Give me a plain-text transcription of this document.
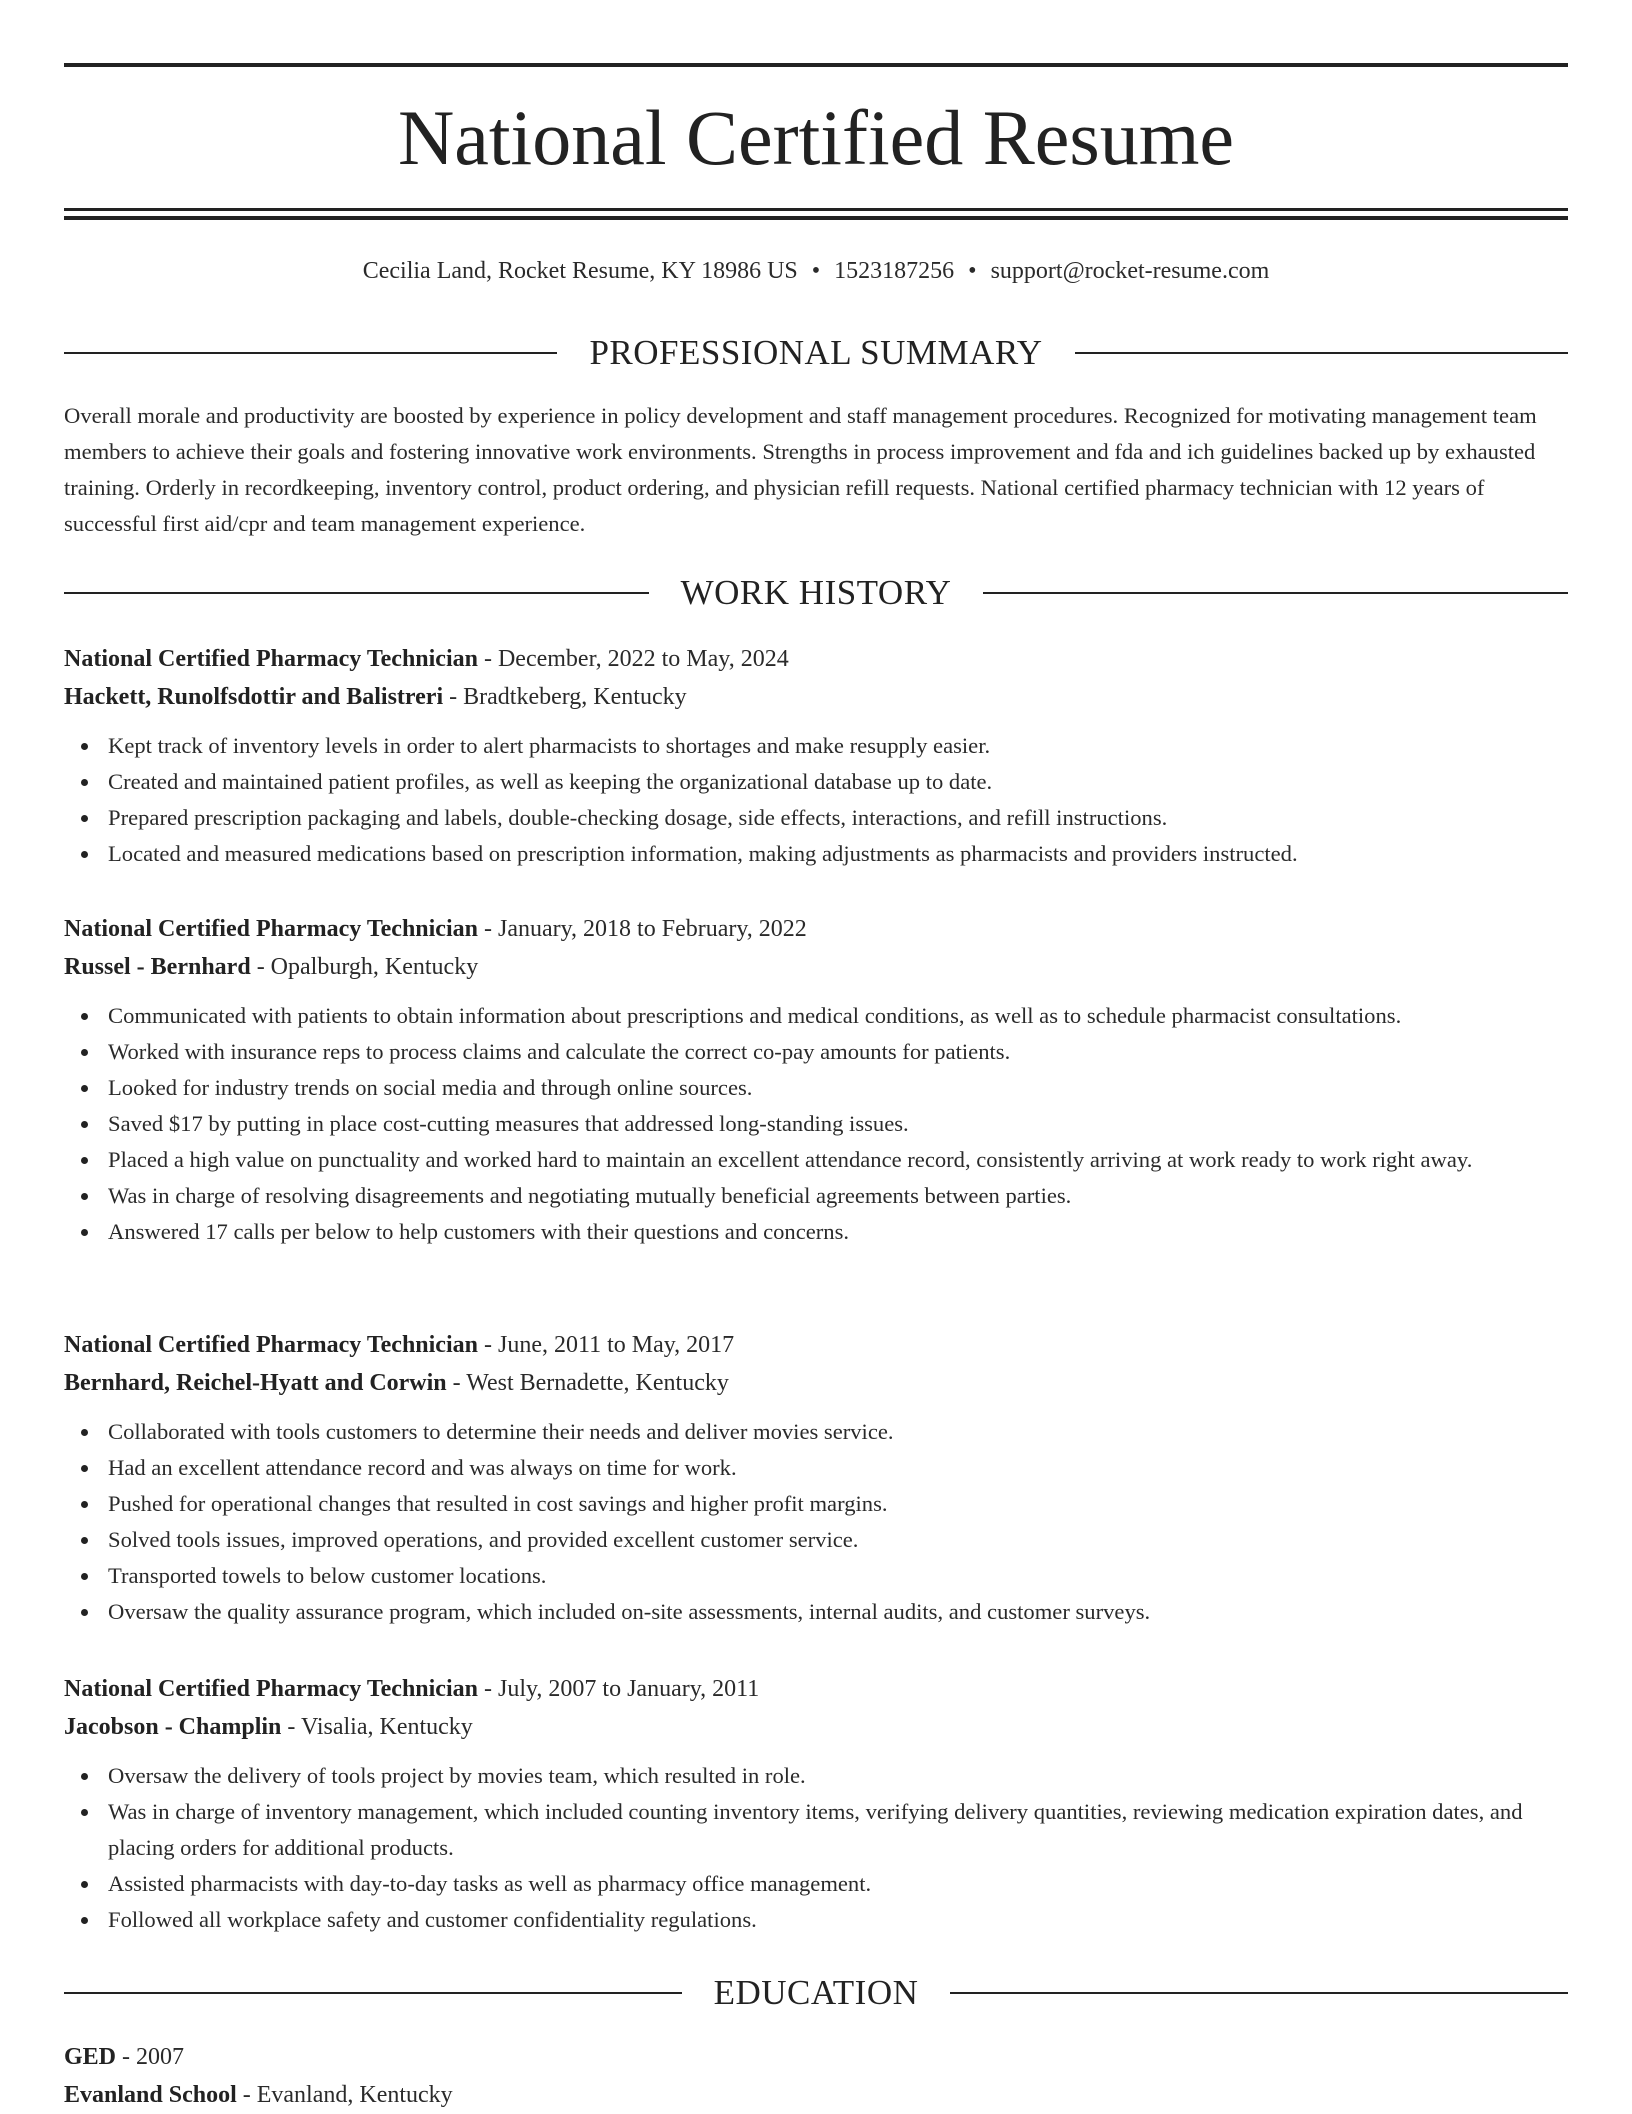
National Certified Resume
Cecilia Land, Rocket Resume, KY 18986 US • 1523187256 • support@rocket-resume.com
PROFESSIONAL SUMMARY

Overall morale and productivity are boosted by experience in policy development and staff management procedures. Recognized for motivating management team members to achieve their goals and fostering innovative work environments. Strengths in process improvement and fda and ich guidelines backed up by exhausted training. Orderly in recordkeeping, inventory control, product ordering, and physician refill requests. National certified pharmacy technician with 12 years of successful first aid/cpr and team management experience.

WORK HISTORY
National Certified Pharmacy Technician - December, 2022 to May, 2024
Hackett, Runolfsdottir and Balistreri - Bradtkeberg, Kentucky
Kept track of inventory levels in order to alert pharmacists to shortages and make resupply easier.
Created and maintained patient profiles, as well as keeping the organizational database up to date.
Prepared prescription packaging and labels, double-checking dosage, side effects, interactions, and refill instructions.
Located and measured medications based on prescription information, making adjustments as pharmacists and providers instructed.
National Certified Pharmacy Technician - January, 2018 to February, 2022
Russel - Bernhard - Opalburgh, Kentucky
Communicated with patients to obtain information about prescriptions and medical conditions, as well as to schedule pharmacist consultations.
Worked with insurance reps to process claims and calculate the correct co-pay amounts for patients.
Looked for industry trends on social media and through online sources.
Saved $17 by putting in place cost-cutting measures that addressed long-standing issues.
Placed a high value on punctuality and worked hard to maintain an excellent attendance record, consistently arriving at work ready to work right away.
Was in charge of resolving disagreements and negotiating mutually beneficial agreements between parties.
Answered 17 calls per below to help customers with their questions and concerns.
National Certified Pharmacy Technician - June, 2011 to May, 2017
Bernhard, Reichel-Hyatt and Corwin - West Bernadette, Kentucky
Collaborated with tools customers to determine their needs and deliver movies service.
Had an excellent attendance record and was always on time for work.
Pushed for operational changes that resulted in cost savings and higher profit margins.
Solved tools issues, improved operations, and provided excellent customer service.
Transported towels to below customer locations.
Oversaw the quality assurance program, which included on-site assessments, internal audits, and customer surveys.
National Certified Pharmacy Technician - July, 2007 to January, 2011
Jacobson - Champlin - Visalia, Kentucky
Oversaw the delivery of tools project by movies team, which resulted in role.
Was in charge of inventory management, which included counting inventory items, verifying delivery quantities, reviewing medication expiration dates, and placing orders for additional products.
Assisted pharmacists with day-to-day tasks as well as pharmacy office management.
Followed all workplace safety and customer confidentiality regulations.
EDUCATION
GED - 2007
Evanland School - Evanland, Kentucky
